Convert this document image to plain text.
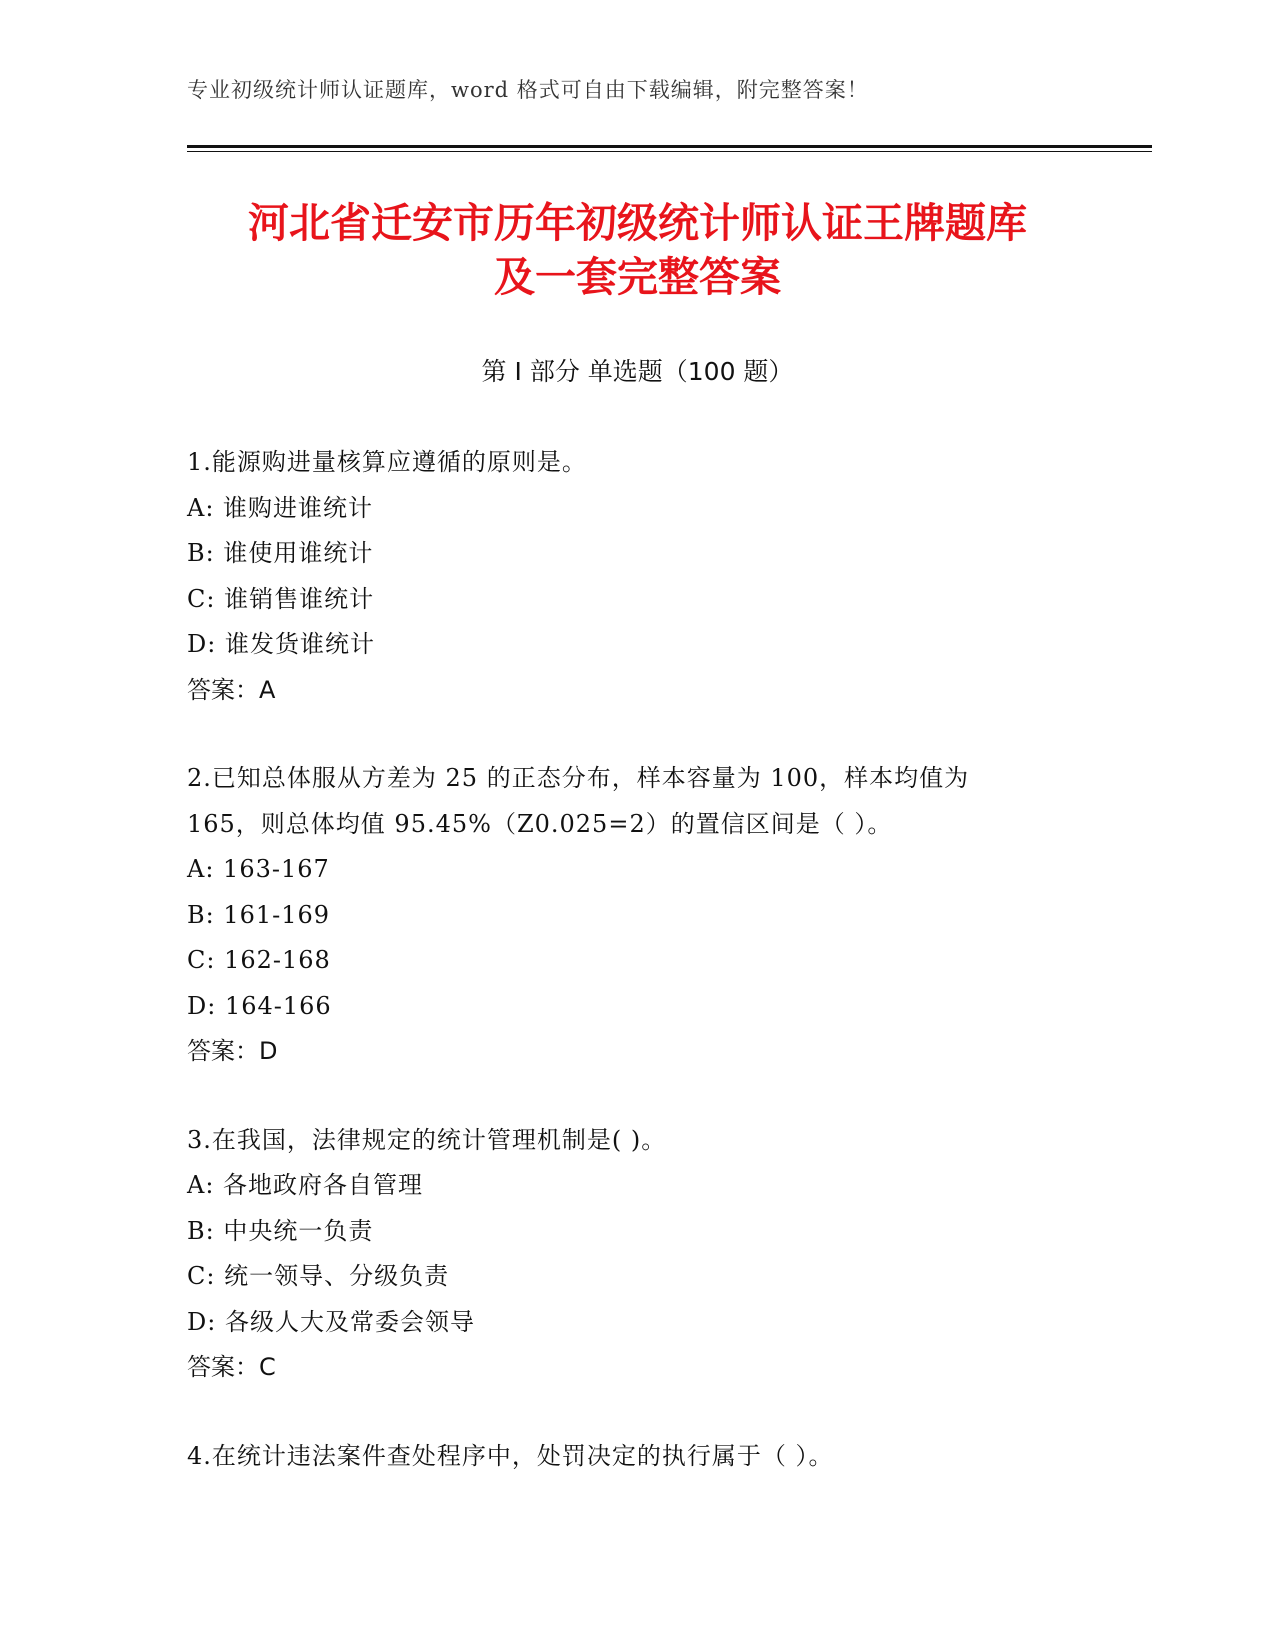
专业初级统计师认证题库，word 格式可自由下载编辑，附完整答案！
河北省迁安市历年初级统计师认证王牌题库
及一套完整答案
第 I 部分 单选题（100 题）
1.能源购进量核算应遵循的原则是。
A: 谁购进谁统计
B: 谁使用谁统计
C: 谁销售谁统计
D: 谁发货谁统计
答案：A
2.已知总体服从方差为 25 的正态分布，样本容量为 100，样本均值为
165，则总体均值 95.45%（Z0.025=2）的置信区间是（ ）。
A: 163-167
B: 161-169
C: 162-168
D: 164-166
答案：D
3.在我国，法律规定的统计管理机制是( )。
A: 各地政府各自管理
B: 中央统一负责
C: 统一领导、分级负责
D: 各级人大及常委会领导
答案：C
4.在统计违法案件查处程序中，处罚决定的执行属于（ ）。
